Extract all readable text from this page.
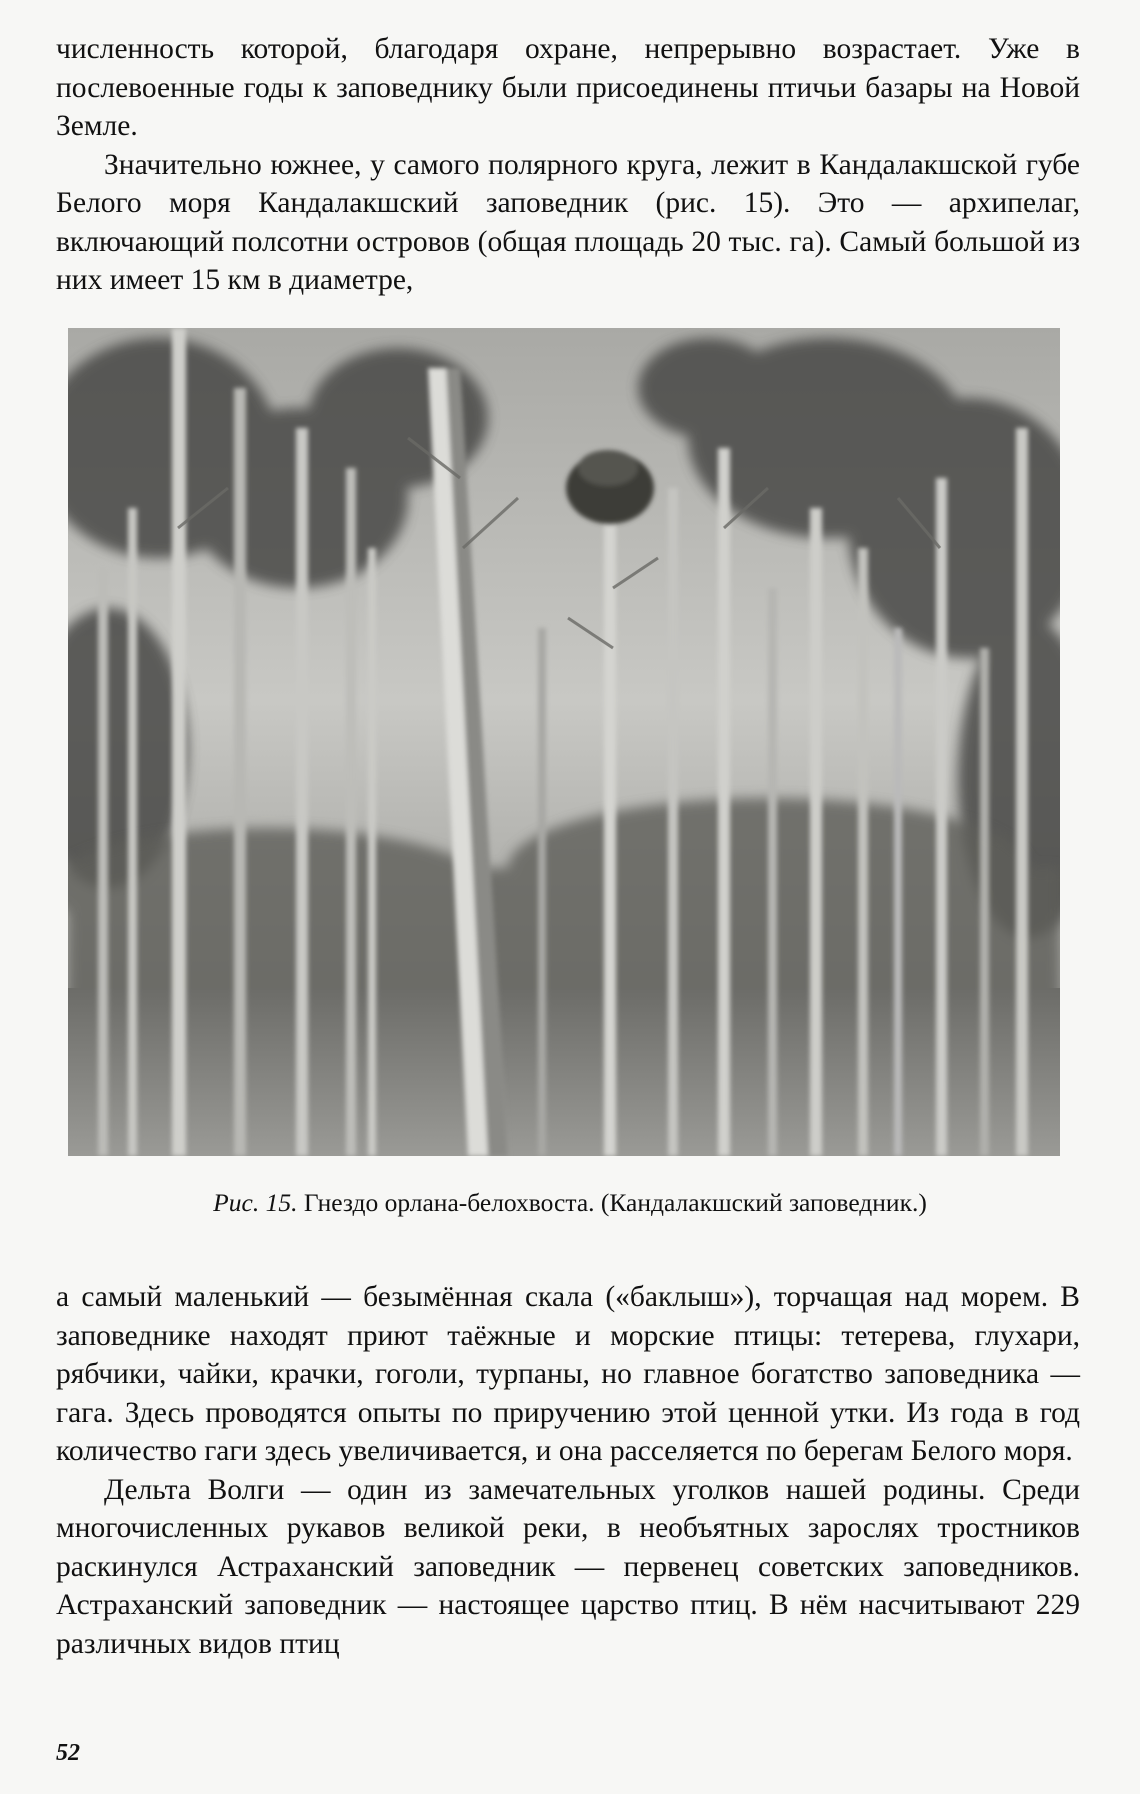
численность которой, благодаря охране, непрерывно возрастает. Уже в послевоенные годы к заповеднику были присоединены птичьи базары на Новой Земле.

Значительно южнее, у самого полярного круга, лежит в Кандалакшской губе Белого моря Кандалакшский заповедник (рис. 15). Это — архипелаг, включающий полсотни островов (общая площадь 20 тыс. га). Самый большой из них имеет 15 км в диаметре,

Рис. 15. Гнездо орлана-белохвоста. (Кандалакшский заповедник.)

а самый маленький — безымённая скала («баклыш»), торчащая над морем. В заповеднике находят приют таёжные и морские птицы: тетерева, глухари, рябчики, чайки, крачки, гоголи, турпаны, но главное богатство заповедника — гага. Здесь проводятся опыты по приручению этой ценной утки. Из года в год количество гаги здесь увеличивается, и она расселяется по берегам Белого моря.

Дельта Волги — один из замечательных уголков нашей родины. Среди многочисленных рукавов великой реки, в необъятных зарослях тростников раскинулся Астраханский заповедник — первенец советских заповедников. Астраханский заповедник — настоящее царство птиц. В нём насчитывают 229 различных видов птиц

52
